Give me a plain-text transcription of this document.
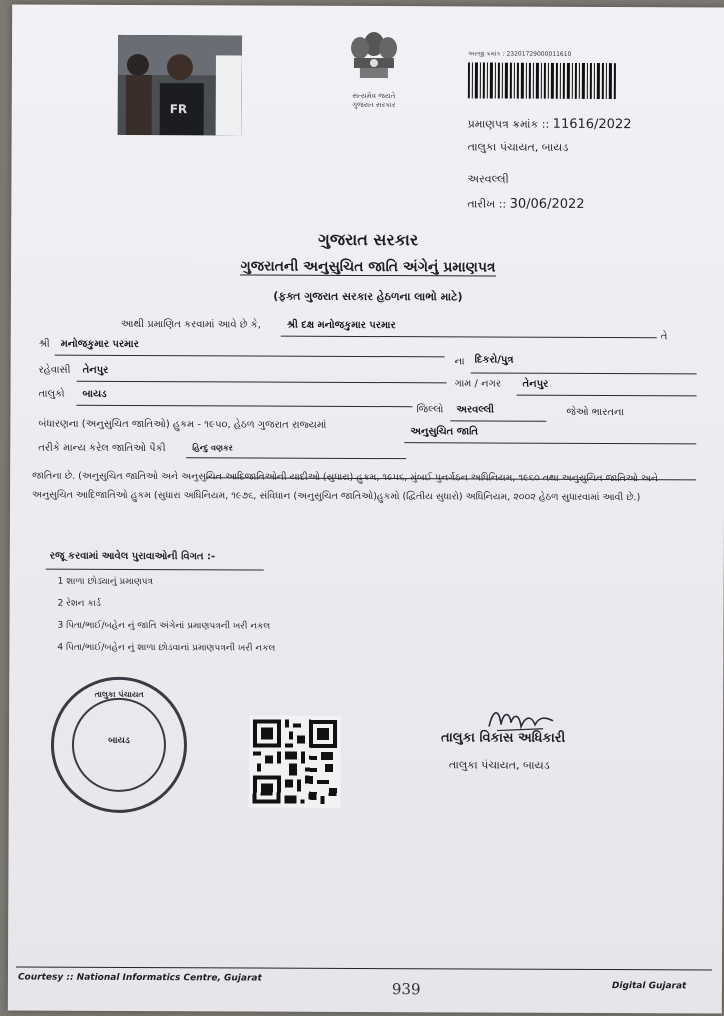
FR
સત્યમેવ જયતે
ગુજરાત સરકાર
અરજી ક્રમાંક : 23201729000011610
પ્રમાણપત્ર ક્રમાંક :: 11616/2022
તાલુકા પંચાયત, બાયડ
અરવલ્લી
તારીખ :: 30/06/2022
ગુજરાત સરકાર
ગુજરાતની અનુસુચિત જાતિ અંગેનું પ્રમાણપત્ર
(ફક્ત ગુજરાત સરકાર હેઠળના લાભો માટે)
આથી પ્રમાણિત કરવામાં આવે છે કે,	શ્રી દક્ષ મનોજકુમાર પરમાર
તે
શ્રી મનોજકુમાર પરમાર
ના દિકરો/પુત્ર
રહેવાસી તેનપુર
ગામ / નગર તેનપુર
તાલુકો બાયડ
જિલ્લો અરવલ્લી	જેઓ ભારતના
બંધારણના (અનુસુચિત જાતિઓ) હુકમ - ૧૯૫૦, હેઠળ ગુજરાત રાજ્યમાં
અનુસુચિત જાતિ
તરીકે માન્ય કરેલ જાતિઓ પૈકી	હિન્દુ વણકર
જાતિના છે. (અનુસુચિત જાતિઓ અને અનુસુચિત આદિજાતિઓની યાદીઓ (સુધારા) હુકમ, ૧૯૫૬, મુંબઈ પુનર્ગઠન અધિનિયમ, ૧૯૬૦ તથા અનુસુચિત જાતિઓ અને અનુસુચિત આદિજાતિઓ હુકમ (સુધારા અધિનિયમ, ૧૯૭૬, સંવિધાન (અનુસુચિત જાતિઓ)હુકમો (દ્વિતીય સુધારો) અધિનિયમ, ૨૦૦૨ હેઠળ સુધારવામાં આવી છે.)
રજૂ કરવામાં આવેલ પુરાવાઓની વિગત :-
1 શાળા છોડ્યાનું પ્રમાણપત્ર
2 રેશન કાર્ડ
3 પિતા/ભાઈ/બહેન નું જાતિ અંગેનાં પ્રમાણપત્રની ખરી નકલ
4 પિતા/ભાઈ/બહેન નું શાળા છોડવાનાં પ્રમાણપત્રની ખરી નકલ
તાલુકા પંચાયત
બાયડ	તાલુકા વિકાસ અધિકારી
તાલુકા પંચાયત, બાયડ
Courtesy :: National Informatics Centre, Gujarat
939	Digital Gujarat
